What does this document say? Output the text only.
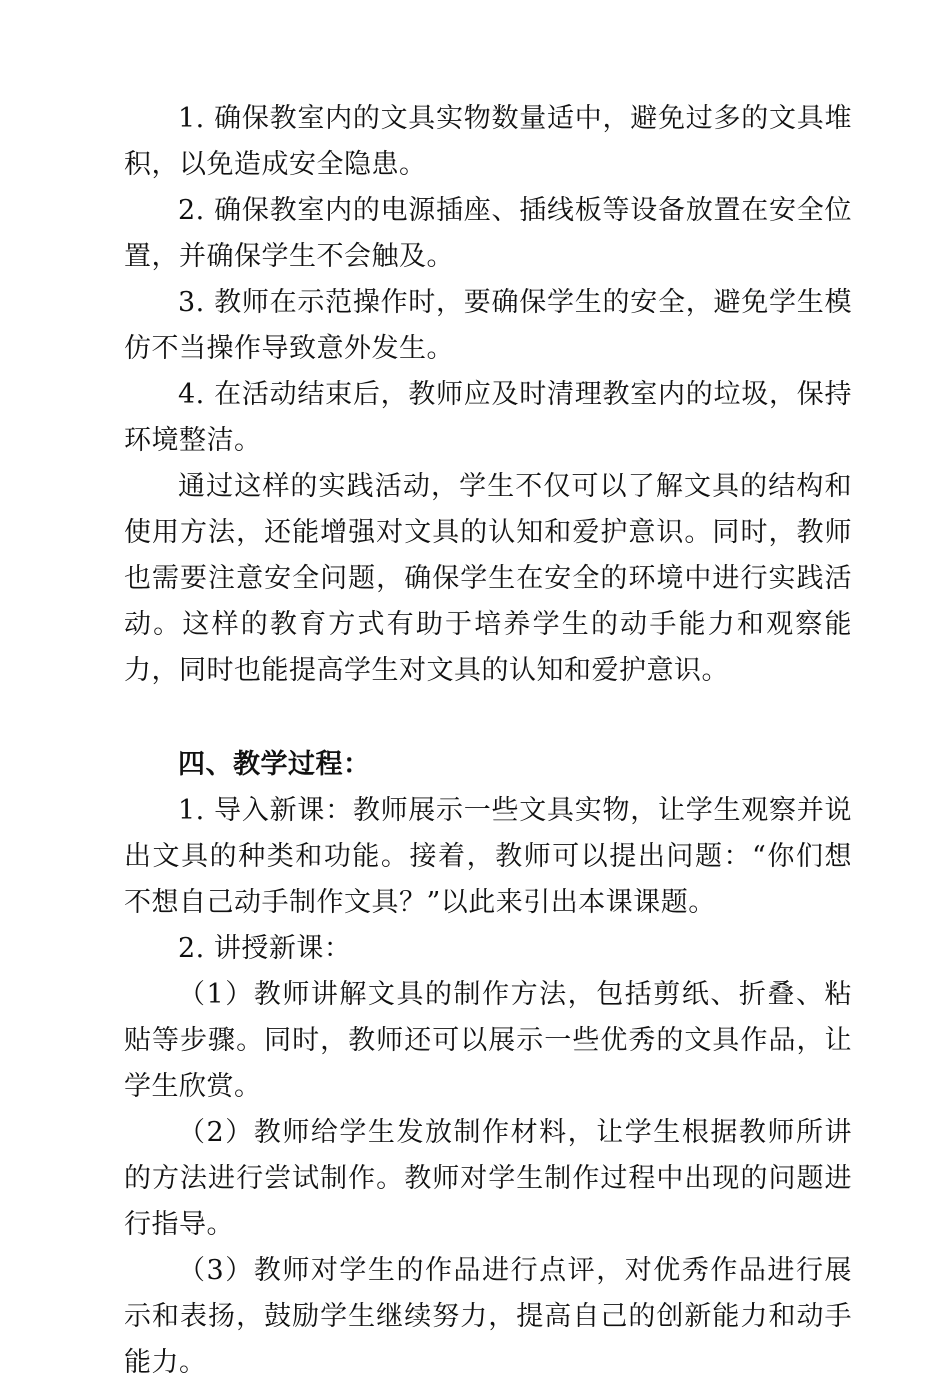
1. 确保教室内的文具实物数量适中，避免过多的文具堆积，以免造成安全隐患。

2. 确保教室内的电源插座、插线板等设备放置在安全位置，并确保学生不会触及。

3. 教师在示范操作时，要确保学生的安全，避免学生模仿不当操作导致意外发生。

4. 在活动结束后，教师应及时清理教室内的垃圾，保持环境整洁。

通过这样的实践活动，学生不仅可以了解文具的结构和使用方法，还能增强对文具的认知和爱护意识。同时，教师也需要注意安全问题，确保学生在安全的环境中进行实践活动。这样的教育方式有助于培养学生的动手能力和观察能力，同时也能提高学生对文具的认知和爱护意识。

四、教学过程：

1. 导入新课：教师展示一些文具实物，让学生观察并说出文具的种类和功能。接着，教师可以提出问题：“你们想不想自己动手制作文具？”以此来引出本课课题。

2. 讲授新课：

（1）教师讲解文具的制作方法，包括剪纸、折叠、粘贴等步骤。同时，教师还可以展示一些优秀的文具作品，让学生欣赏。

（2）教师给学生发放制作材料，让学生根据教师所讲的方法进行尝试制作。教师对学生制作过程中出现的问题进行指导。

（3）教师对学生的作品进行点评，对优秀作品进行展示和表扬，鼓励学生继续努力，提高自己的创新能力和动手能力。
